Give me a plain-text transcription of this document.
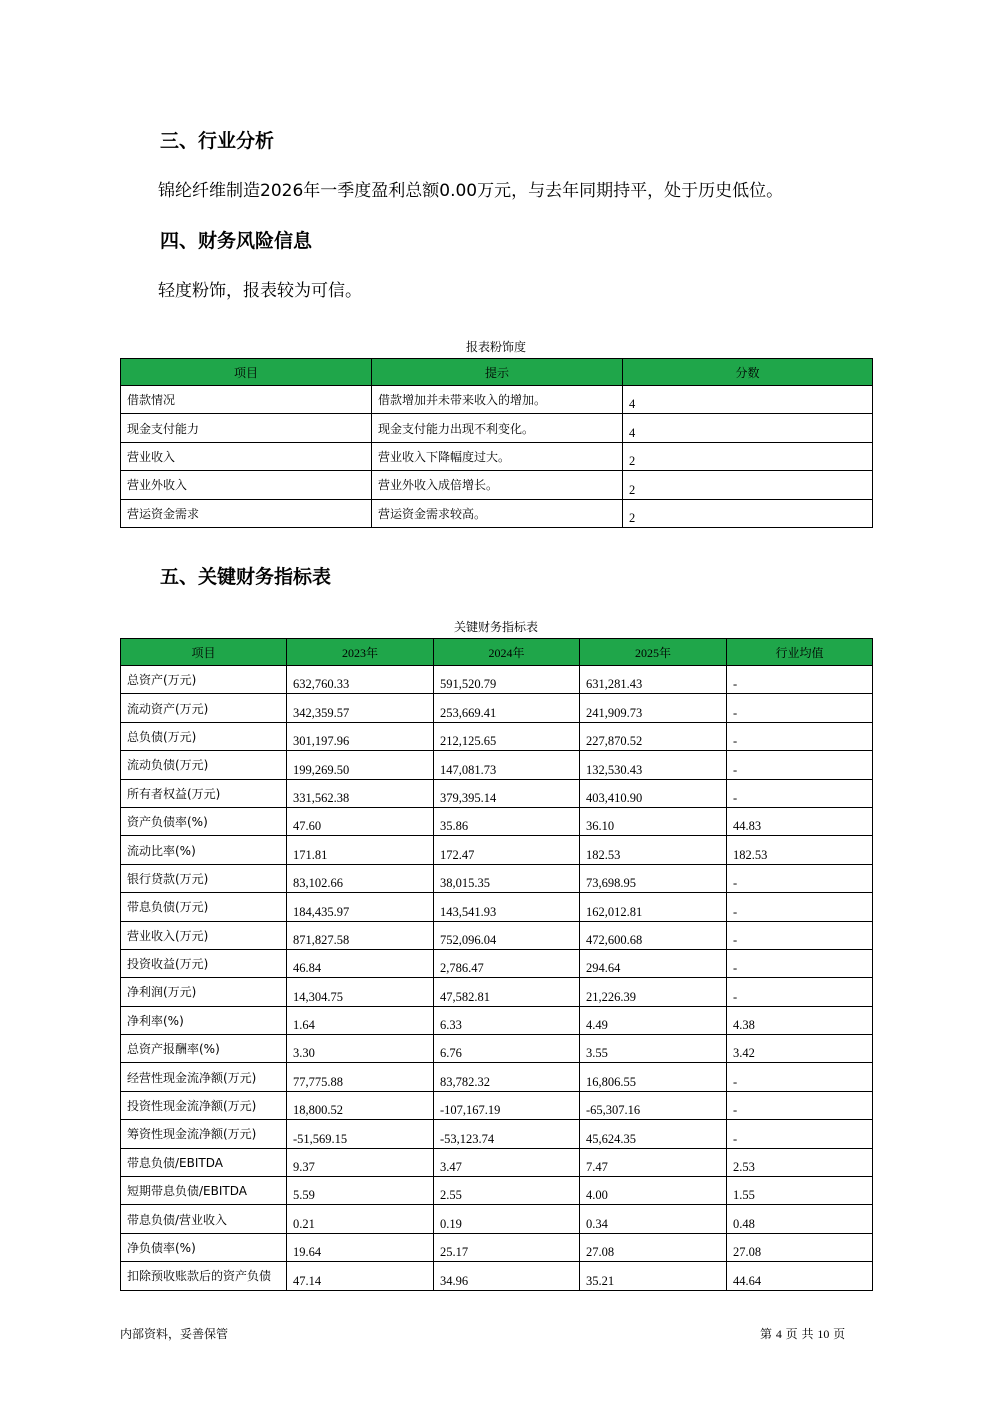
三、行业分析

锦纶纤维制造2026年一季度盈利总额0.00万元，与去年同期持平，处于历史低位。

四、财务风险信息

轻度粉饰，报表较为可信。

报表粉饰度
项目	提示	分数
借款情况	借款增加并未带来收入的增加。	4
现金支付能力	现金支付能力出现不利变化。	4
营业收入	营业收入下降幅度过大。	2
营业外收入	营业外收入成倍增长。	2
营运资金需求	营运资金需求较高。	2
五、关键财务指标表
关键财务指标表
项目	2023年	2024年	2025年	行业均值
总资产(万元)	632,760.33	591,520.79	631,281.43	-
流动资产(万元)	342,359.57	253,669.41	241,909.73	-
总负债(万元)	301,197.96	212,125.65	227,870.52	-
流动负债(万元)	199,269.50	147,081.73	132,530.43	-
所有者权益(万元)	331,562.38	379,395.14	403,410.90	-
资产负债率(%)	47.60	35.86	36.10	44.83
流动比率(%)	171.81	172.47	182.53	182.53
银行贷款(万元)	83,102.66	38,015.35	73,698.95	-
带息负债(万元)	184,435.97	143,541.93	162,012.81	-
营业收入(万元)	871,827.58	752,096.04	472,600.68	-
投资收益(万元)	46.84	2,786.47	294.64	-
净利润(万元)	14,304.75	47,582.81	21,226.39	-
净利率(%)	1.64	6.33	4.49	4.38
总资产报酬率(%)	3.30	6.76	3.55	3.42
经营性现金流净额(万元)	77,775.88	83,782.32	16,806.55	-
投资性现金流净额(万元)	18,800.52	-107,167.19	-65,307.16	-
筹资性现金流净额(万元)	-51,569.15	-53,123.74	45,624.35	-
带息负债/EBITDA	9.37	3.47	7.47	2.53
短期带息负债/EBITDA	5.59	2.55	4.00	1.55
带息负债/营业收入	0.21	0.19	0.34	0.48
净负债率(%)	19.64	25.17	27.08	27.08
扣除预收账款后的资产负债	47.14	34.96	35.21	44.64
内部资料，妥善保管	第 4 页 共 10 页
